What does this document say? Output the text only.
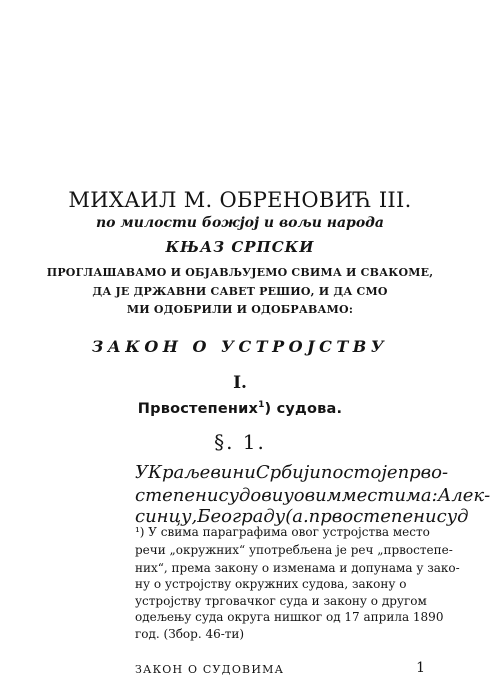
МИХАИЛ М. ОБРЕНОВИЋ III.
по милости божјој и вољи народа
КЊАЗ СРПСКИ
ПРОГЛАШАВАМО И ОБЈАВЉУЈЕМО СВИМА И СВАКОМЕ,
ДА ЈЕ ДРЖАВНИ САВЕТ РЕШИО, И ДА СМО
МИ ОДОБРИЛИ И ОДОБРАВАМО:
ЗАКОН О УСТРОЈСТВУ
I.
Првостепених$^1$) судова.
§. 1.
У Краљевини Србији постоје прво-
степени судови у овим местима: Алек-
синцу, Београду (а. првостепени суд
¹) У свима параграфима овог устројства место
речи „окружних“ употребљена је реч „првостепе-
них“, према закону о изменама и допунама у зако-
ну о устројству окружних судова, закону о
устројству трговачког суда и закону о другом
одељењу суда округа нишког од 17 априла 1890
год. (Збор. 46-ти)
ЗАКОН О СУДОВИМА	1
